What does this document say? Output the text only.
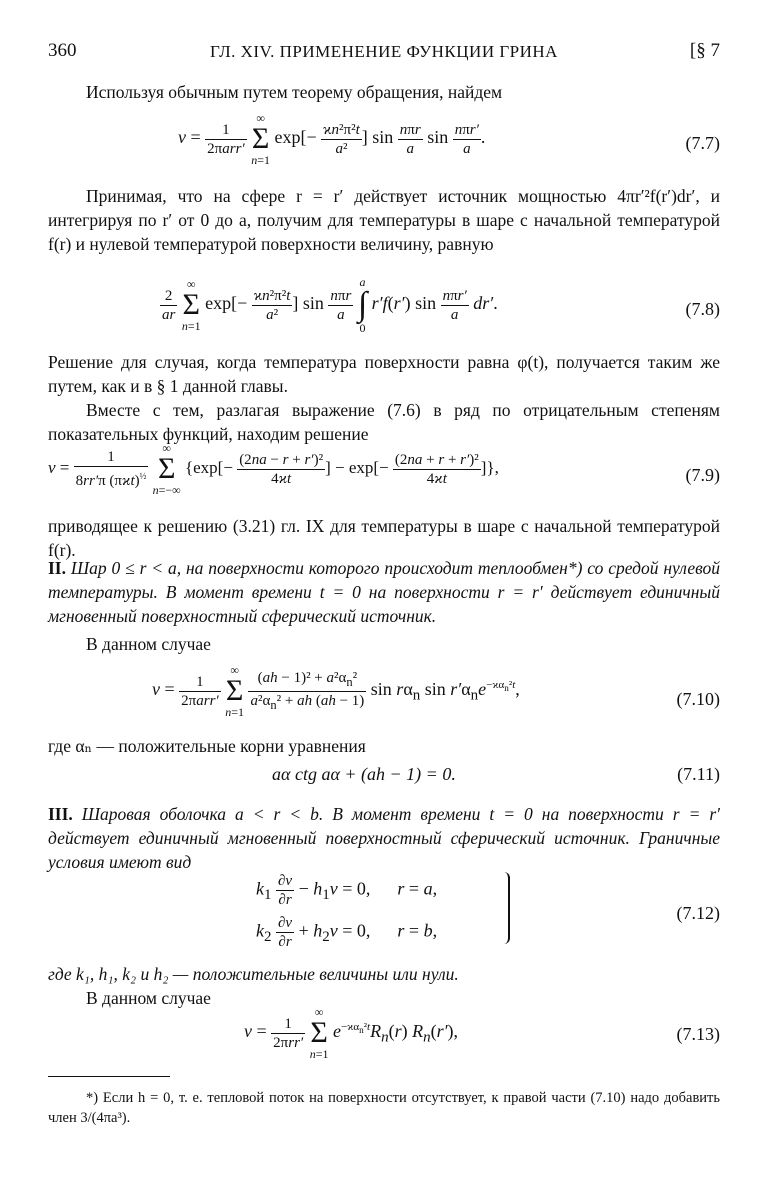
360	ГЛ. XIV. ПРИМЕНЕНИЕ ФУНКЦИИ ГРИНА	[§ 7
Используя обычным путем теорему обращения, найдем
$v = \frac{1}{\text{2πarr′}}$
∞
Σ
n=1 $\exp[- \frac{\text{ϰn²π²t}}{\text{a²}}$ ] $\sin \frac{\text{nπr}}{a}$ $\sin \frac{\text{nπr′}}{a}$ .	(7.7)
Принимая, что на сфере r = r′ действует источник мощностью 4πr′²f(r′)dr′, и интегрируя по r′ от 0 до a, получим для температуры в шаре с начальной температурой f(r) и нулевой температурой поверхности величину, равную
$\frac{2}{ar}$
∞
Σ
n=1 $\exp[- \frac{\text{ϰn²π²t}}{\text{a²}}$ ] $\sin \frac{\text{nπr}}{a}$
a
∫
0 r′f(r′) $\sin \frac{\text{nπr′}}{a} dr'$.	(7.8)
Решение для случая, когда температура поверхности равна φ(t), получается таким же путем, как и в § 1 данной главы.
Вместе с тем, разлагая выражение (7.6) в ряд по отрицательным степеням показательных функций, находим решение
$v = \frac{1}{8rr'\pi (\pi ϰt)^{\frac{1}{2}}}$ ∞
Σ
n=−∞ {$\exp[- \frac{\text{(2na − r + r′)²}}{4ϰt}$ ] − $\exp[- \frac{\text{(2na + r + r′)²}}{4ϰt}$ ]},	(7.9)
приводящее к решению (3.21) гл. IX для температуры в шаре с начальной температурой f(r).
II. Шар 0 ≤ r < a, на поверхности которого происходит теплообмен*) со средой нулевой температуры. В момент времени t = 0 на поверхности r = r′ действует единичный мгновенный поверхностный сферический источник.
В данном случае
$v = \frac{1}{\text{2πarr′}}$
∞
Σ
$n=1 \frac{(ah - 1)^2 + a^2\alpha_n^2}{a^2\alpha_n^2 + ah (ah - 1)}$ $\sin r\alpha_n$ $\sin r'\alpha_ne^{-ϰ\alpha_n^2t}$,	(7.10)
где αₙ — положительные корни уравнения
aα ctg aα + (ah − 1) = 0.	(7.11)
III. Шаровая оболочка a < r < b. В момент времени t = 0 на поверхности r = r′ действует единичный мгновенный поверхностный сферический источник. Граничные условия имеют вид
$k_1 \frac{\partial v}{\partial r} - h_1v = 0$,      r = a,
$k_2 \frac{\partial v}{\partial r} + h_2v = 0$,      r = b,
(7.12)
где k₁, h₁, k₂ и h₂ — положительные величины или нули.
В данном случае
$v = \frac{1}{\text{2πrr′}}$
∞
Σ
n=1 $e^{-ϰ\alpha_n^2t}R_n(r)$ $R_n(r')$,	(7.13)
*) Если h = 0, т. е. тепловой поток на поверхности отсутствует, к правой части (7.10) надо добавить член 3/(4πa³).
